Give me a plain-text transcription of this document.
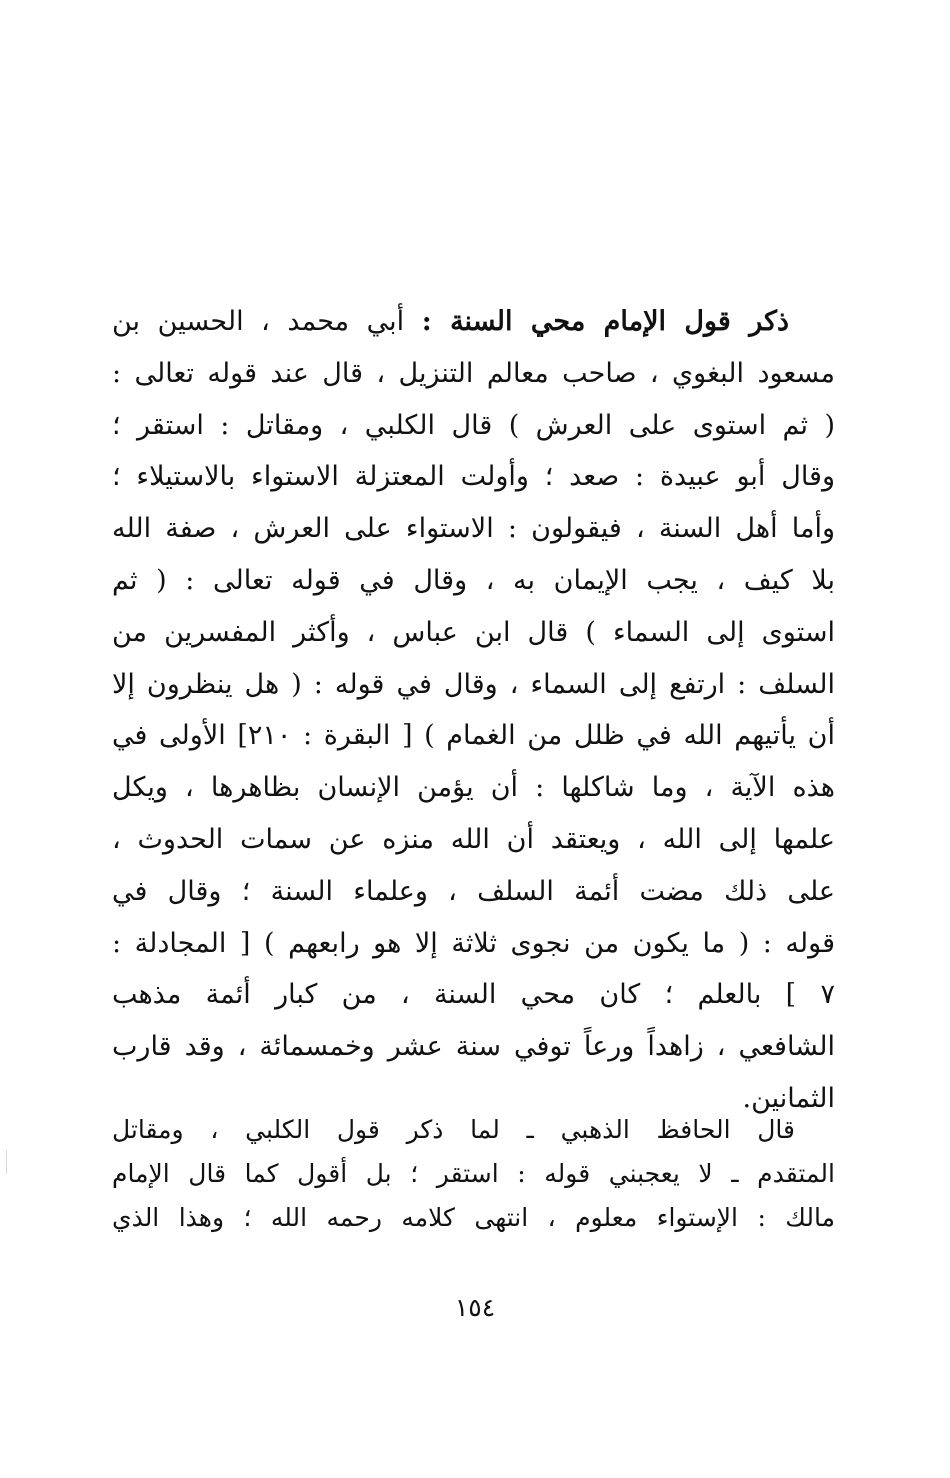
ذكر قول الإمام محي السنة : أبي محمد ، الحسين بن
مسعود البغوي ، صاحب معالم التنزيل ، قال عند قوله تعالى :
( ثم استوى على العرش ) قال الكلبي ، ومقاتل : استقر ؛
وقال أبو عبيدة : صعد ؛ وأولت المعتزلة الاستواء بالاستيلاء ؛
وأما أهل السنة ، فيقولون : الاستواء على العرش ، صفة الله
بلا كيف ، يجب الإيمان به ، وقال في قوله تعالى : ( ثم
استوى إلى السماء ) قال ابن عباس ، وأكثر المفسرين من
السلف : ارتفع إلى السماء ، وقال في قوله : ( هل ينظرون إلا
أن يأتيهم الله في ظلل من الغمام ) [ البقرة : ٢١٠] الأولى في
هذه الآية ، وما شاكلها : أن يؤمن الإنسان بظاهرها ، ويكل
علمها إلى الله ، ويعتقد أن الله منزه عن سمات الحدوث ،
على ذلك مضت أئمة السلف ، وعلماء السنة ؛ وقال في
قوله : ( ما يكون من نجوى ثلاثة إلا هو رابعهم ) [ المجادلة :
٧ ] بالعلم ؛ كان محي السنة ، من كبار أئمة مذهب
الشافعي ، زاهداً ورعاً توفي سنة عشر وخمسمائة ، وقد قارب
الثمانين.
قال الحافظ الذهبي ـ لما ذكر قول الكلبي ، ومقاتل
المتقدم ـ لا يعجبني قوله : استقر ؛ بل أقول كما قال الإمام
مالك : الإستواء معلوم ، انتهى كلامه رحمه الله ؛ وهذا الذي
١٥٤
